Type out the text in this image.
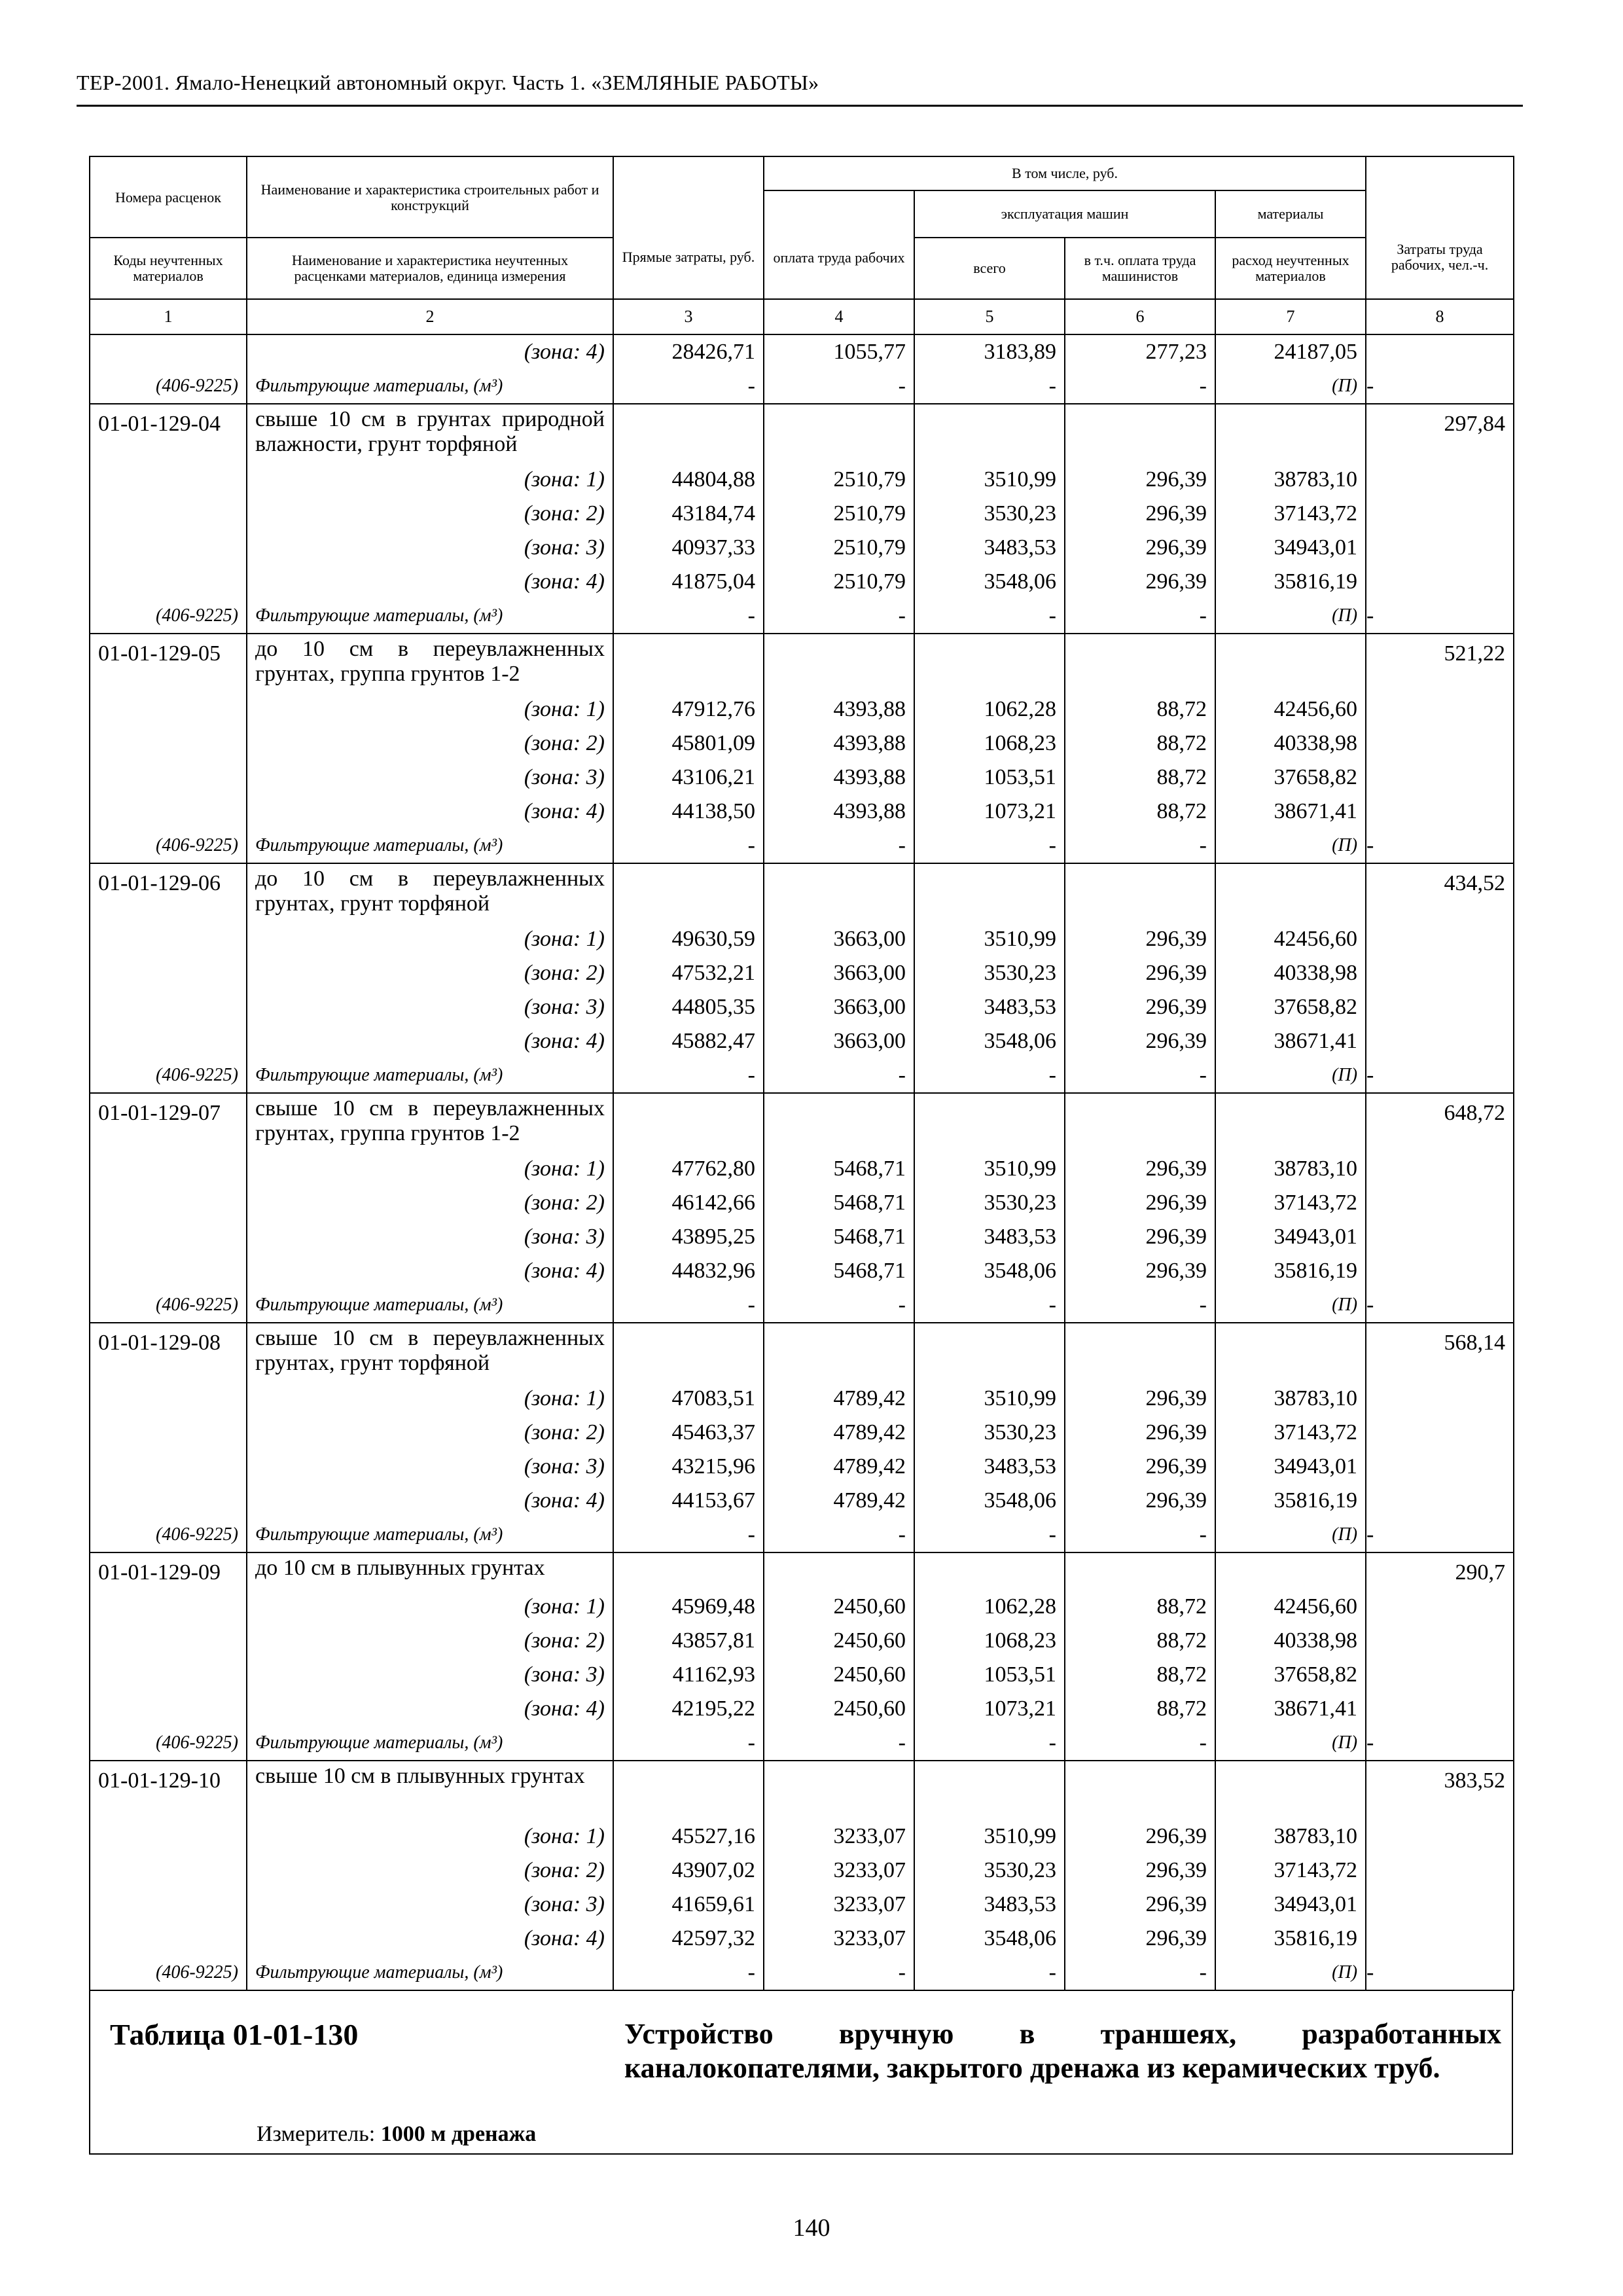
ТЕР-2001. Ямало-Ненецкий автономный округ. Часть 1. «ЗЕМЛЯНЫЕ РАБОТЫ»
Номера расценок	Наименование и характеристика строительных работ и конструкций	Прямые затраты, руб.	В том числе, руб.				Затраты труда рабочих, чел.-ч.
			оплата труда рабочих	эксплуатация машин		материалы	

Коды неучтенных материалов	Наименование и характеристика неучтенных расценками материалов, единица измерения			всего	в т.ч. оплата труда машинистов	расход неучтенных материалов	
1	2	3	4	5	6	7	8
	(зона: 4)	28426,71	1055,77	3183,89	277,23	24187,05	
(406-9225)	Фильтрующие материалы, (м³)	-	-	-	-	(П)	-
01-01-129-04	свыше 10 см в грунтах природной влажности, грунт торфяной						297,84
	(зона: 1)	44804,88	2510,79	3510,99	296,39	38783,10	
	(зона: 2)	43184,74	2510,79	3530,23	296,39	37143,72	
	(зона: 3)	40937,33	2510,79	3483,53	296,39	34943,01	
	(зона: 4)	41875,04	2510,79	3548,06	296,39	35816,19	
(406-9225)	Фильтрующие материалы, (м³)	-	-	-	-	(П)	-
01-01-129-05	до 10 см в переувлажненных грунтах, группа грунтов 1-2						521,22
	(зона: 1)	47912,76	4393,88	1062,28	88,72	42456,60	
	(зона: 2)	45801,09	4393,88	1068,23	88,72	40338,98	
	(зона: 3)	43106,21	4393,88	1053,51	88,72	37658,82	
	(зона: 4)	44138,50	4393,88	1073,21	88,72	38671,41	
(406-9225)	Фильтрующие материалы, (м³)	-	-	-	-	(П)	-
01-01-129-06	до 10 см в переувлажненных грунтах, грунт торфяной						434,52
	(зона: 1)	49630,59	3663,00	3510,99	296,39	42456,60	
	(зона: 2)	47532,21	3663,00	3530,23	296,39	40338,98	
	(зона: 3)	44805,35	3663,00	3483,53	296,39	37658,82	
	(зона: 4)	45882,47	3663,00	3548,06	296,39	38671,41	
(406-9225)	Фильтрующие материалы, (м³)	-	-	-	-	(П)	-
01-01-129-07	свыше 10 см в переувлажненных грунтах, группа грунтов 1-2						648,72
	(зона: 1)	47762,80	5468,71	3510,99	296,39	38783,10	
	(зона: 2)	46142,66	5468,71	3530,23	296,39	37143,72	
	(зона: 3)	43895,25	5468,71	3483,53	296,39	34943,01	
	(зона: 4)	44832,96	5468,71	3548,06	296,39	35816,19	
(406-9225)	Фильтрующие материалы, (м³)	-	-	-	-	(П)	-
01-01-129-08	свыше 10 см в переувлажненных грунтах, грунт торфяной						568,14
	(зона: 1)	47083,51	4789,42	3510,99	296,39	38783,10	
	(зона: 2)	45463,37	4789,42	3530,23	296,39	37143,72	
	(зона: 3)	43215,96	4789,42	3483,53	296,39	34943,01	
	(зона: 4)	44153,67	4789,42	3548,06	296,39	35816,19	
(406-9225)	Фильтрующие материалы, (м³)	-	-	-	-	(П)	-
01-01-129-09	до 10 см в плывунных грунтах						290,7
	(зона: 1)	45969,48	2450,60	1062,28	88,72	42456,60	
	(зона: 2)	43857,81	2450,60	1068,23	88,72	40338,98	
	(зона: 3)	41162,93	2450,60	1053,51	88,72	37658,82	
	(зона: 4)	42195,22	2450,60	1073,21	88,72	38671,41	
(406-9225)	Фильтрующие материалы, (м³)	-	-	-	-	(П)	-
01-01-129-10	свыше 10 см в плывунных грунтах						383,52
	(зона: 1)	45527,16	3233,07	3510,99	296,39	38783,10	
	(зона: 2)	43907,02	3233,07	3530,23	296,39	37143,72	
	(зона: 3)	41659,61	3233,07	3483,53	296,39	34943,01	
	(зона: 4)	42597,32	3233,07	3548,06	296,39	35816,19	
(406-9225)	Фильтрующие материалы, (м³)	-	-	-	-	(П)	-
Таблица 01-01-130	Устройство вручную в траншеях, разработанных каналокопателями, закрытого дренажа из керамических труб.
Измеритель: 1000 м дренажа
140
